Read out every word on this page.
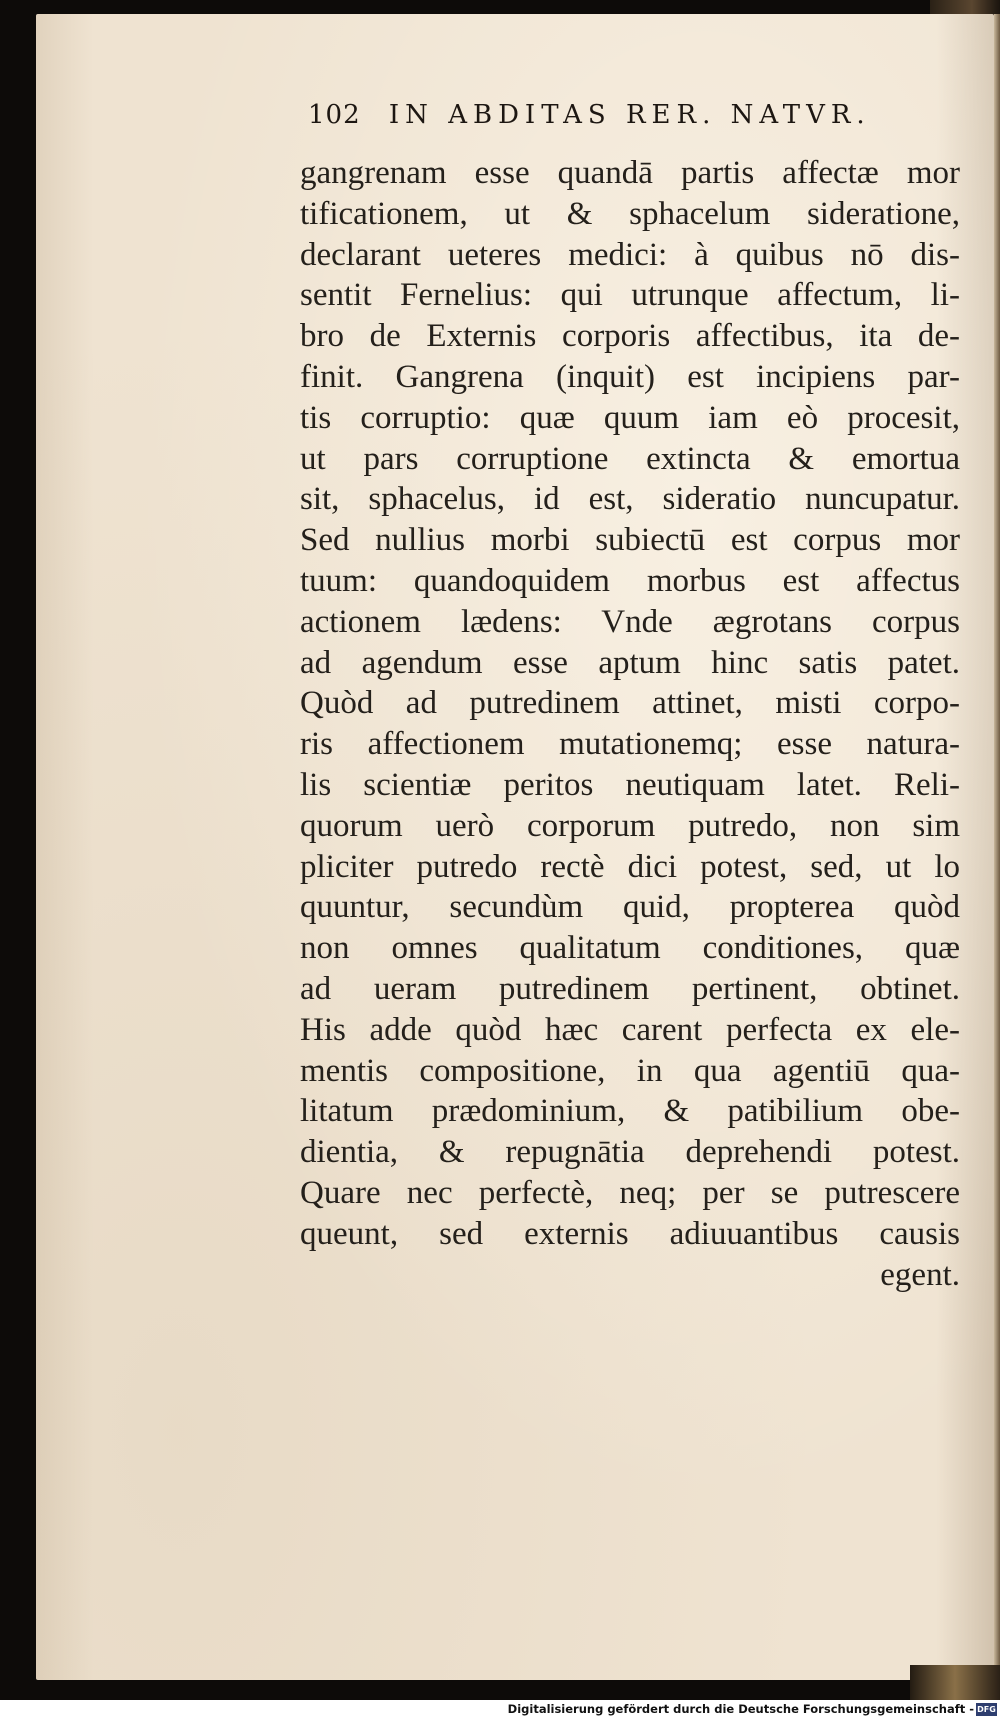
102 IN ABDITAS RER. NATVR.
gangrenam esse quandā partis affectæ mor
tificationem, ut & sphacelum sideratione,
declarant ueteres medici: à quibus nō dis-
sentit Fernelius: qui utrunque affectum, li-
bro de Externis corporis affectibus, ita de-
finit. Gangrena (inquit) est incipiens par-
tis corruptio: quæ quum iam eò procesit,
ut pars corruptione extincta & emortua
sit, sphacelus, id est, sideratio nuncupatur.
Sed nullius morbi subiectū est corpus mor
tuum: quandoquidem morbus est affectus
actionem lædens: Vnde ægrotans corpus
ad agendum esse aptum hinc satis patet.
Quòd ad putredinem attinet, misti corpo-
ris affectionem mutationemq; esse natura-
lis scientiæ peritos neutiquam latet. Reli-
quorum uerò corporum putredo, non sim
pliciter putredo rectè dici potest, sed, ut lo
quuntur, secundùm quid, propterea quòd
non omnes qualitatum conditiones, quæ
ad ueram putredinem pertinent, obtinet.
His adde quòd hæc carent perfecta ex ele-
mentis compositione, in qua agentiū qua-
litatum prædominium, & patibilium obe-
dientia, & repugnātia deprehendi potest.
Quare nec perfectè, neq; per se putrescere
queunt, sed externis adiuuantibus causis
egent.
Digitalisierung gefördert durch die Deutsche Forschungsgemeinschaft - DFG
